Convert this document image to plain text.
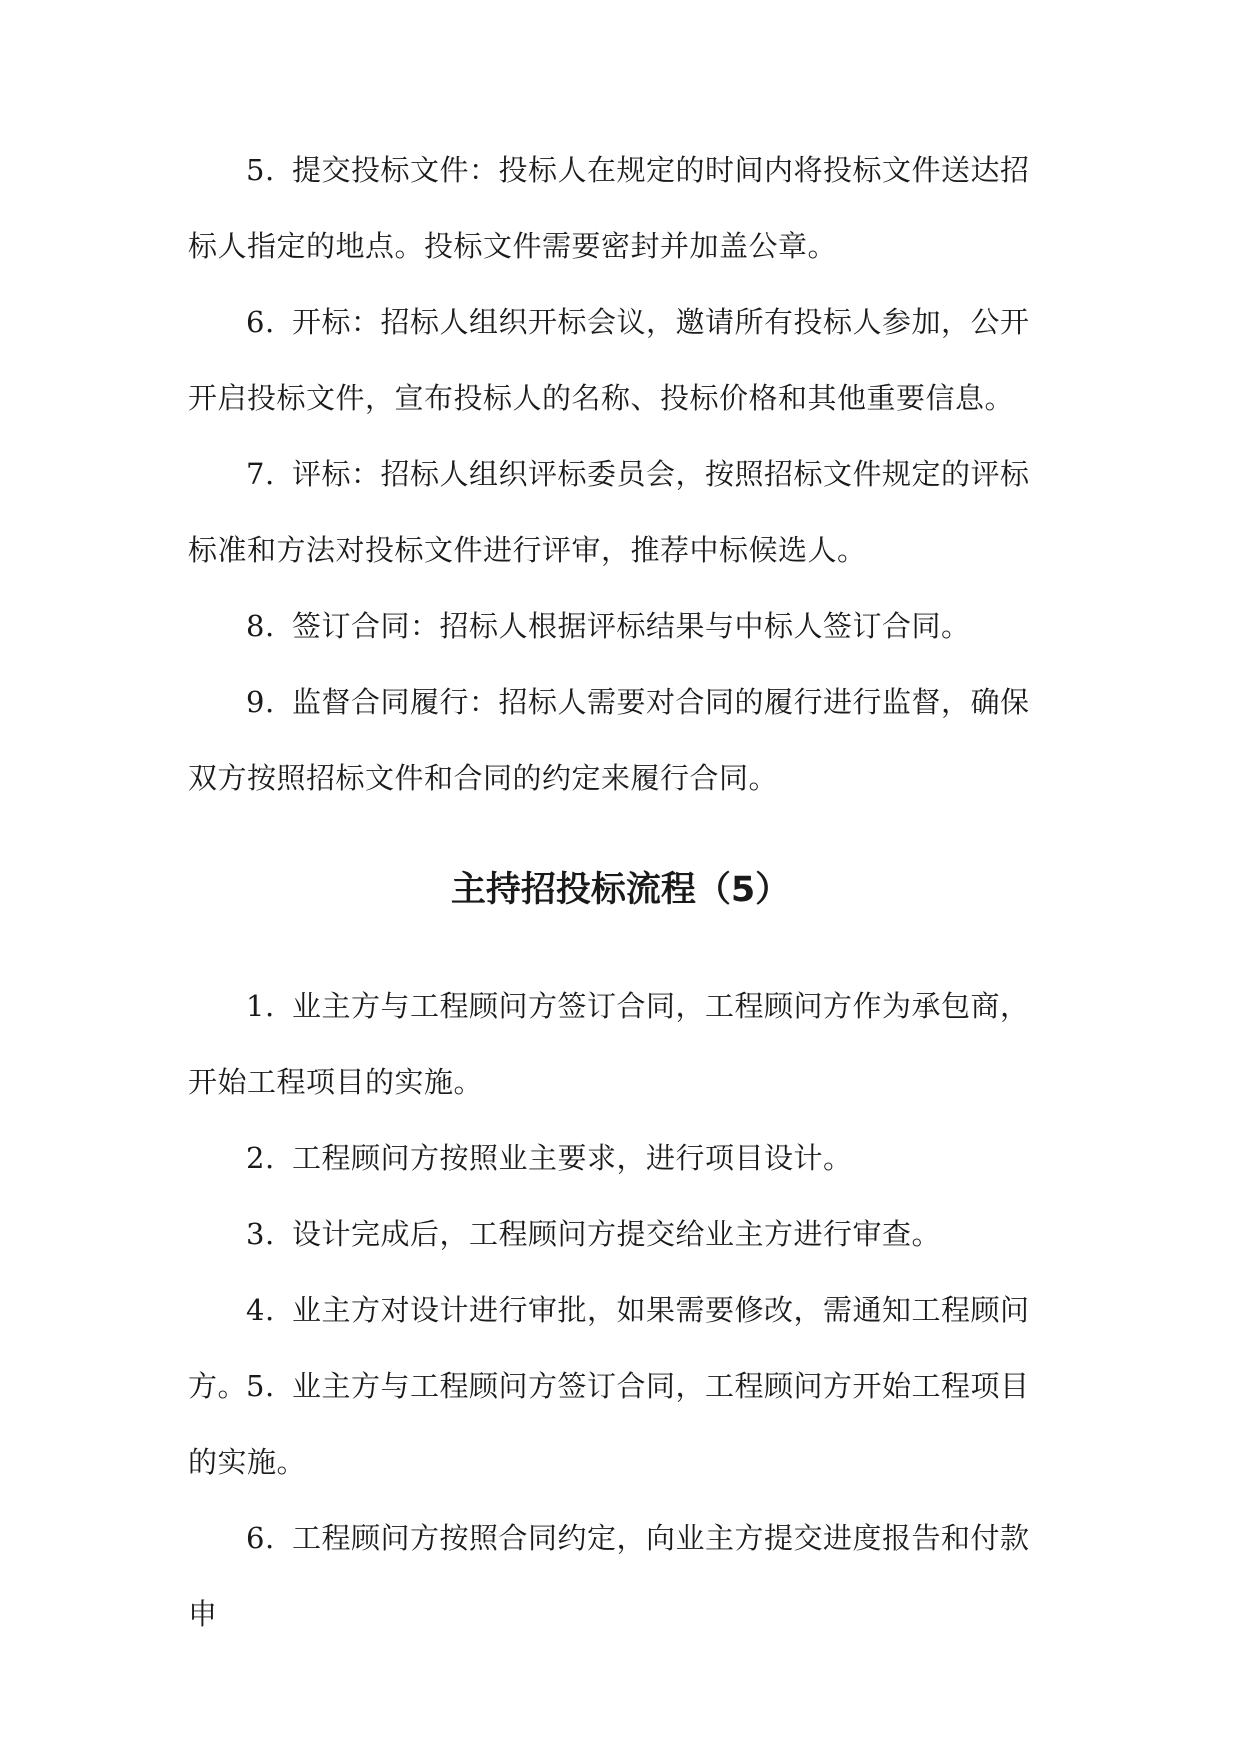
5. 提交投标文件：投标人在规定的时间内将投标文件送达招标人指定的地点。投标文件需要密封并加盖公章。

6. 开标：招标人组织开标会议，邀请所有投标人参加，公开开启投标文件，宣布投标人的名称、投标价格和其他重要信息。

7. 评标：招标人组织评标委员会，按照招标文件规定的评标标准和方法对投标文件进行评审，推荐中标候选人。

8. 签订合同：招标人根据评标结果与中标人签订合同。

9. 监督合同履行：招标人需要对合同的履行进行监督，确保双方按照招标文件和合同的约定来履行合同。

主持招投标流程（5）

1. 业主方与工程顾问方签订合同，工程顾问方作为承包商，开始工程项目的实施。

2. 工程顾问方按照业主要求，进行项目设计。

3. 设计完成后，工程顾问方提交给业主方进行审查。

4. 业主方对设计进行审批，如果需要修改，需通知工程顾问方。

5. 业主方与工程顾问方签订合同，工程顾问方开始工程项目的实施。

6. 工程顾问方按照合同约定，向业主方提交进度报告和付款申
